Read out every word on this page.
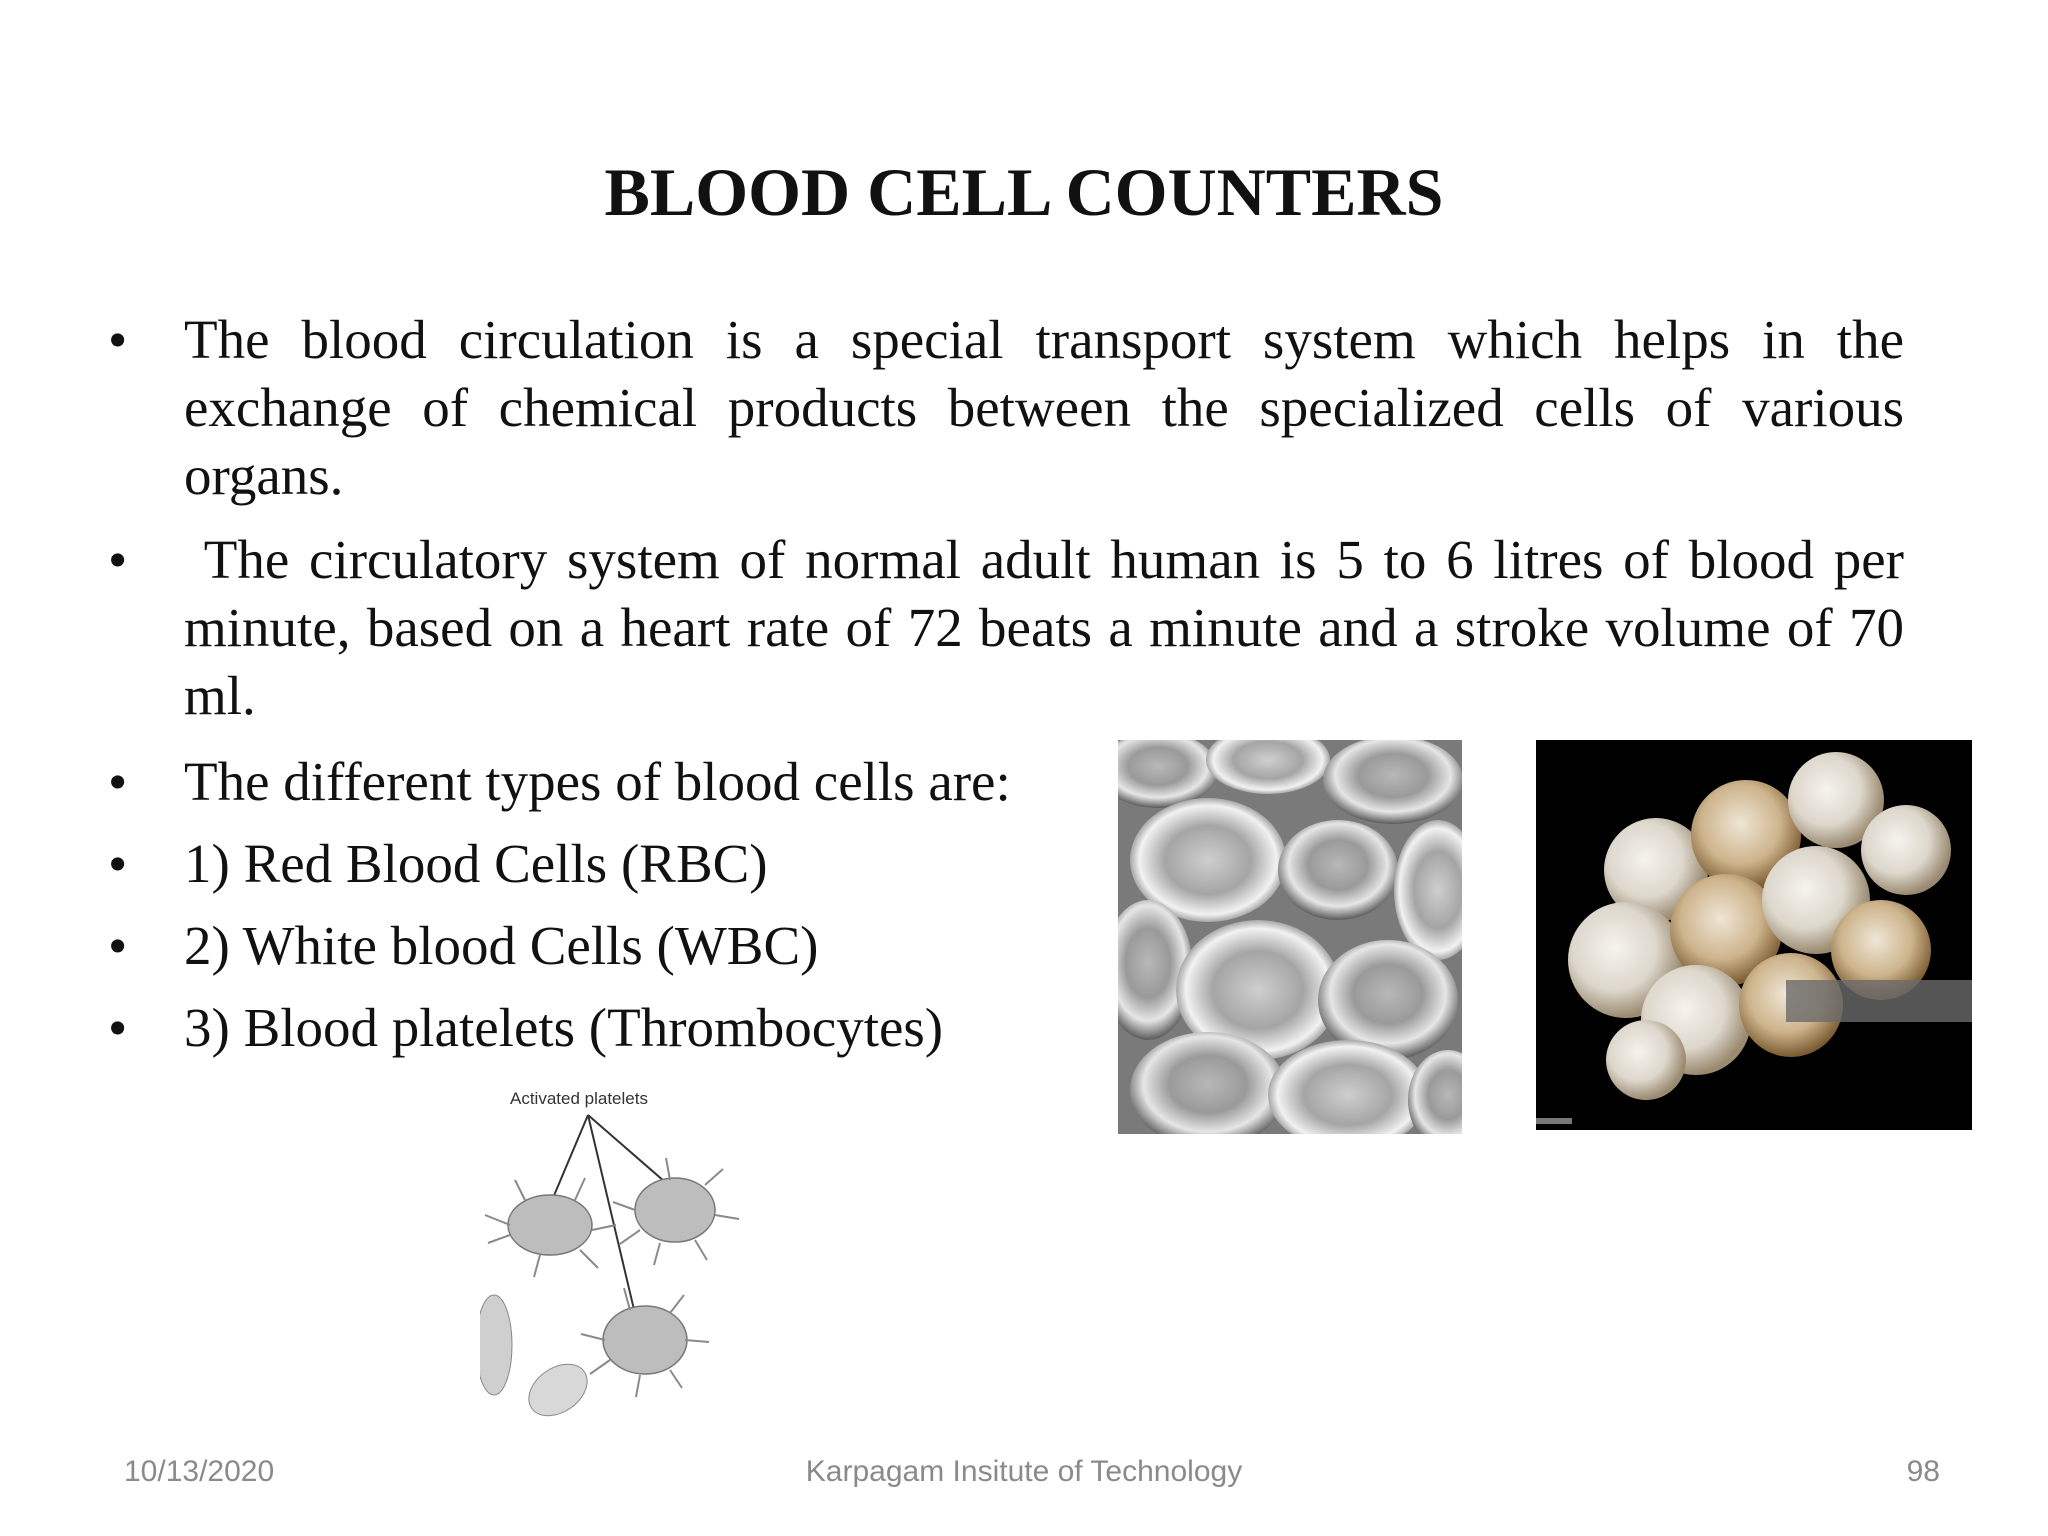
BLOOD CELL COUNTERS
• The blood circulation is a special transport system which helps in the exchange of chemical products between the specialized cells of various organs.
• The circulatory system of normal adult human is 5 to 6 litres of blood per minute, based on a heart rate of 72 beats a minute and a stroke volume of 70 ml.
• The different types of blood cells are:
• 1) Red Blood Cells (RBC)
• 2) White blood Cells (WBC)
• 3) Blood platelets (Thrombocytes)
Activated platelets
10/13/2020	Karpagam Insitute of Technology	98
